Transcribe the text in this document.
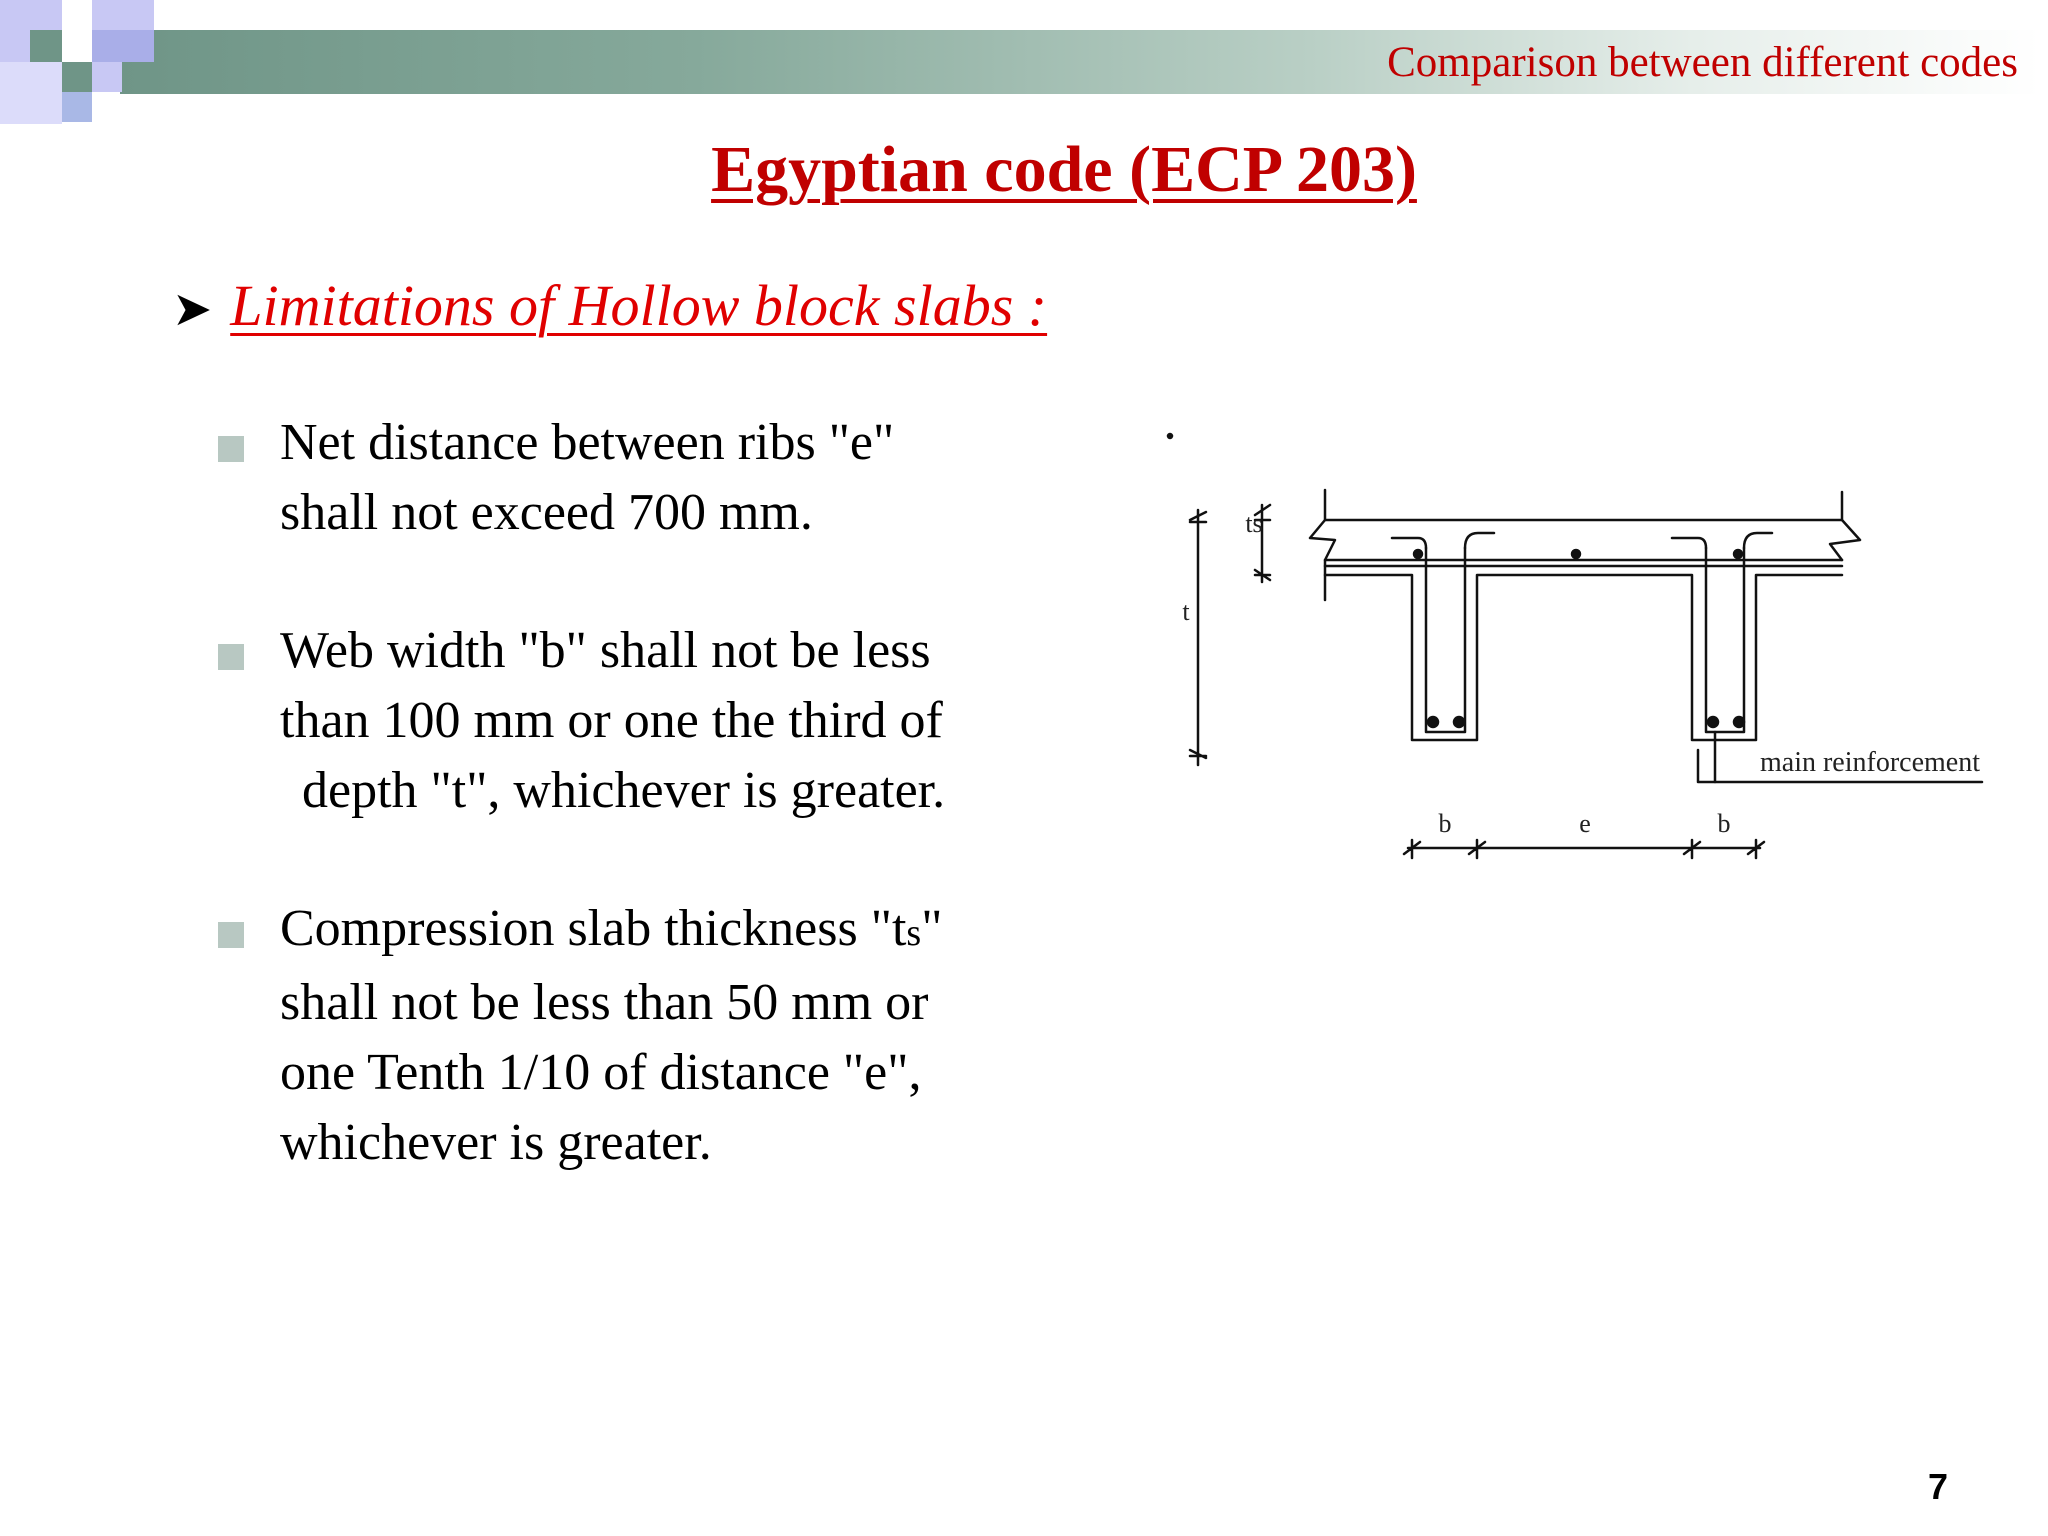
Comparison between different codes
Egyptian code (ECP 203)
➤ Limitations of Hollow block slabs :
Net distance between ribs "e"
shall not exceed 700 mm.
Web width "b" shall not be less
than 100 mm or one the third of
depth "t", whichever is greater.
Compression slab thickness "ts"
shall not be less than 50 mm or
one Tenth 1/10 of distance "e",
whichever is greater.
ts
t
b	e	b
main reinforcement
7
